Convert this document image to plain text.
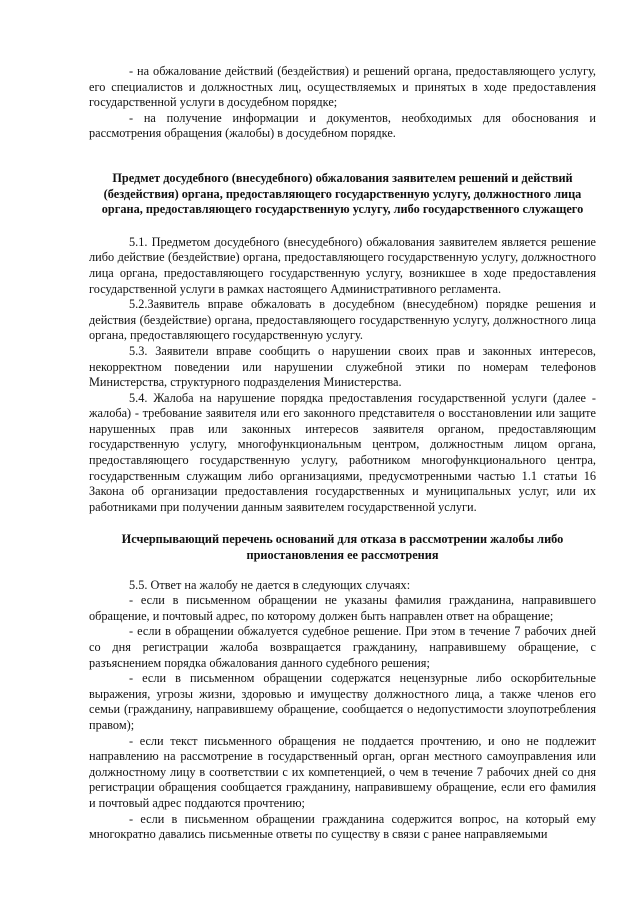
- на обжалование действий (бездействия) и решений органа, предоставляющего услугу, его специалистов и должностных лиц, осуществляемых и принятых в ходе предоставления государственной услуги в досудебном порядке;

- на получение информации и документов, необходимых для обоснования и рассмотрения обращения (жалобы) в досудебном порядке.

Предмет досудебного (внесудебного) обжалования заявителем решений и действий (бездействия) органа, предоставляющего государственную услугу, должностного лица органа, предоставляющего государственную услугу, либо государственного служащего

5.1. Предметом досудебного (внесудебного) обжалования заявителем является решение либо действие (бездействие) органа, предоставляющего государственную услугу, должностного лица органа, предоставляющего государственную услугу, возникшее в ходе предоставления государственной услуги в рамках настоящего Административного регламента.

5.2.Заявитель вправе обжаловать в досудебном (внесудебном) порядке решения и действия (бездействие) органа, предоставляющего государственную услугу, должностного лица органа, предоставляющего государственную услугу.

5.3. Заявители вправе сообщить о нарушении своих прав и законных интересов, некорректном поведении или нарушении служебной этики по номерам телефонов Министерства, структурного подразделения Министерства.

5.4. Жалоба на нарушение порядка предоставления государственной услуги (далее - жалоба) - требование заявителя или его законного представителя о восстановлении или защите нарушенных прав или законных интересов заявителя органом, предоставляющим государственную услугу, многофункциональным центром, должностным лицом органа, предоставляющего государственную услугу, работником многофункционального центра, государственным служащим либо организациями, предусмотренными частью 1.1 статьи 16 Закона об организации предоставления государственных и муниципальных услуг, или их работниками при получении данным заявителем государственной услуги.

Исчерпывающий перечень оснований для отказа в рассмотрении жалобы либо приостановления ее рассмотрения

5.5. Ответ на жалобу не дается в следующих случаях:

- если в письменном обращении не указаны фамилия гражданина, направившего обращение, и почтовый адрес, по которому должен быть направлен ответ на обращение;

- если в обращении обжалуется судебное решение. При этом в течение 7 рабочих дней со дня регистрации жалоба возвращается гражданину, направившему обращение, с разъяснением порядка обжалования данного судебного решения;

- если в письменном обращении содержатся нецензурные либо оскорбительные выражения, угрозы жизни, здоровью и имуществу должностного лица, а также членов его семьи (гражданину, направившему обращение, сообщается о недопустимости злоупотребления правом);

- если текст письменного обращения не поддается прочтению, и оно не подлежит направлению на рассмотрение в государственный орган, орган местного самоуправления или должностному лицу в соответствии с их компетенцией, о чем в течение 7 рабочих дней со дня регистрации обращения сообщается гражданину, направившему обращение, если его фамилия и почтовый адрес поддаются прочтению;

- если в письменном обращении гражданина содержится вопрос, на который ему многократно давались письменные ответы по существу в связи с ранее направляемыми
